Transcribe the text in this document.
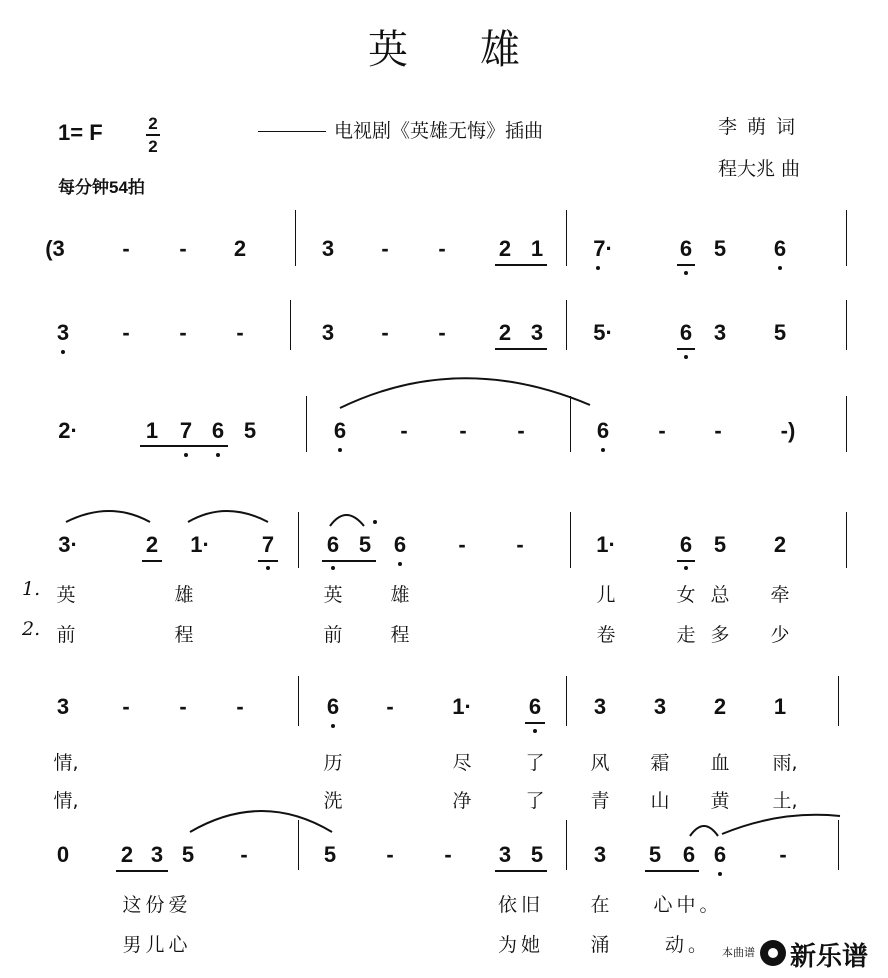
英 雄
1= F	2
2
每分钟54拍
电视剧《英雄无悔》插曲	李萌词
程大兆 曲
(3	- - 2	3 - - 2 1 7·	6 5 6
3 - - -	3 - - 2 3 5·	6 3 5
2·	1 7 6 5	6 - - -	6 - -	-)
3·	2 1· 7 6 5 6 - -	1·	6 5 2
1.
2.
英	雄	英	雄	儿	女 总 牵
前	程	前	程	卷	走 多 少
3 - - -	6 -	1·	6 3 3 2 1
情,	历	尽	了 风 霜 血 雨,
情,	洗	净	了 青 山 黄 土,
0 2 3 5 -	5 - - 3 5 3 5 6 6 -
这份爱	依旧 在 心中。
男儿心	为她 涌	动。 本曲谱 新乐谱
